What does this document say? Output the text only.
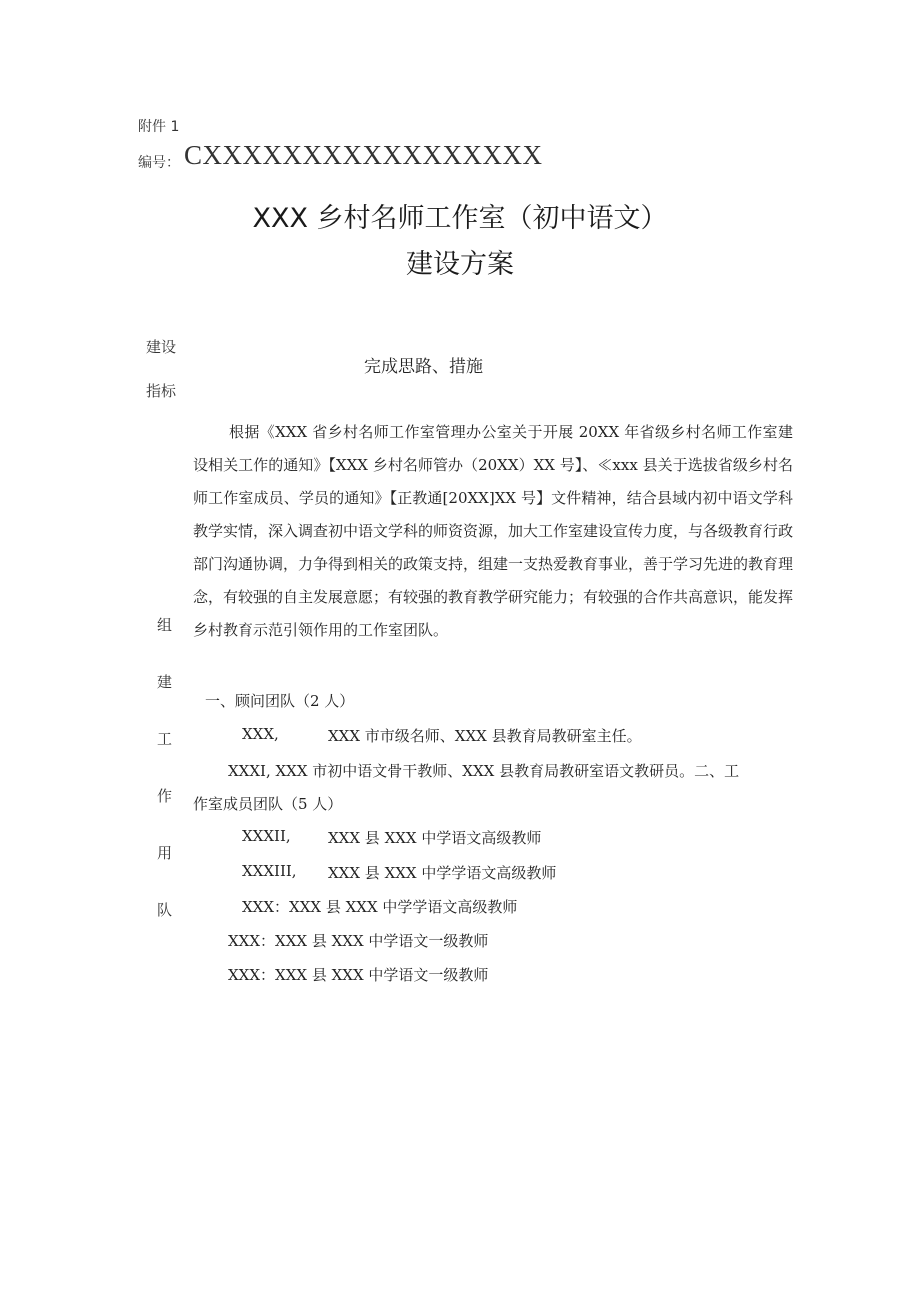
附件 1
编号： CXXXXXXXXXXXXXXXXX
XXX 乡村名师工作室（初中语文）
建设方案
建设
指标
完成思路、措施
根据《XXX 省乡村名师工作室管理办公室关于开展 20XX 年省级乡村名师工作室建设相关工作的通知》【XXX 乡村名师管办（20XX）XX 号】、≪xxx 县关于选拔省级乡村名师工作室成员、学员的通知》【正教通[20XX]XX 号】文件精神，结合县域内初中语文学科教学实情，深入调查初中语文学科的师资资源，加大工作室建设宣传力度，与各级教育行政部门沟通协调，力争得到相关的政策支持，组建一支热爱教育事业，善于学习先进的教育理念，有较强的自主发展意愿；有较强的教育教学研究能力；有较强的合作共高意识，能发挥乡村教育示范引领作用的工作室团队。
组
建
工
作
用
队
一、顾问团队（2 人）
XXX,	XXX 市市级名师、XXX 县教育局教研室主任。
XXXI, XXX 市初中语文骨干教师、XXX 县教育局教研室语文教研员。二、工
作室成员团队（5 人）
XXXII, XXX 县 XXX 中学语文高级教师
XXXIII, XXX 县 XXX 中学学语文高级教师
XXX：XXX 县 XXX 中学学语文高级教师
XXX：XXX 县 XXX 中学语文一级教师
XXX：XXX 县 XXX 中学语文一级教师
